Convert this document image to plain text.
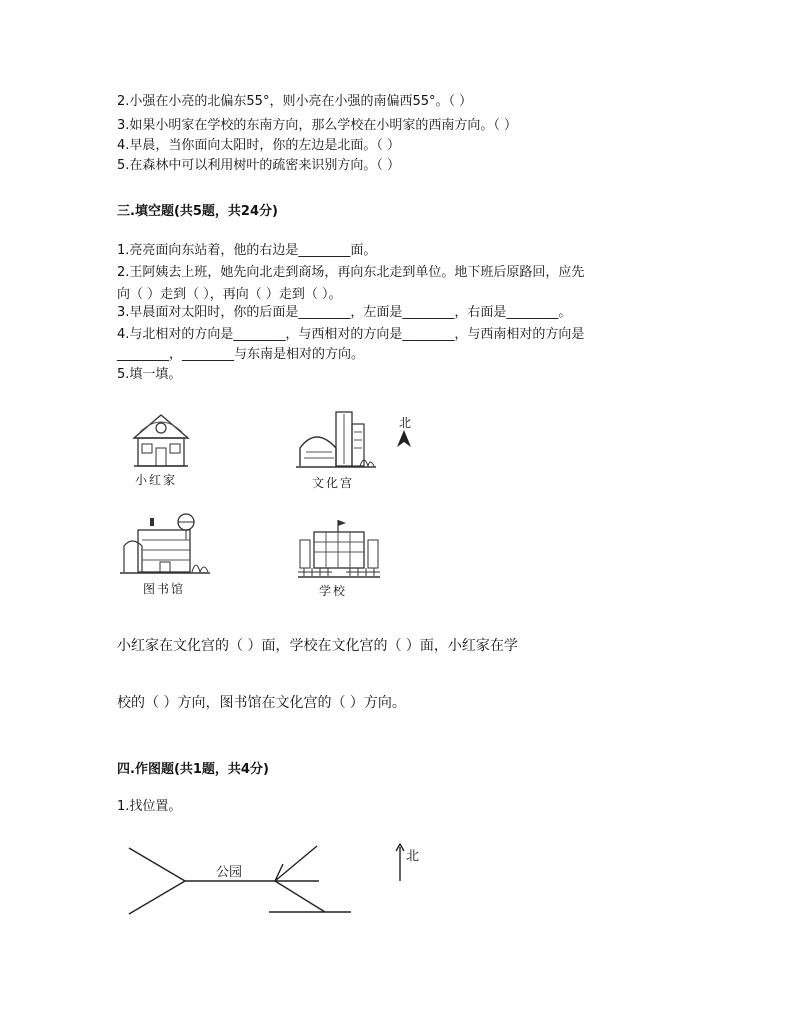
2.小强在小亮的北偏东55°，则小亮在小强的南偏西55°。（ ）
3.如果小明家在学校的东南方向，那么学校在小明家的西南方向。（ ）
4.早晨，当你面向太阳时，你的左边是北面。（ ）
5.在森林中可以利用树叶的疏密来识别方向。（ ）
三.填空题(共5题，共24分)
1.亮亮面向东站着，他的右边是________面。
2.王阿姨去上班，她先向北走到商场，再向东北走到单位。地下班后原路回，应先
向（ ）走到（ ），再向（ ）走到（ ）。
3.早晨面对太阳时，你的后面是________，左面是________，右面是________。
4.与北相对的方向是________，与西相对的方向是________，与西南相对的方向是
________，________与东南是相对的方向。
5.填一填。
小红家	文化宫
北
图书馆	学校
小红家在文化宫的（ ）面，学校在文化宫的（ ）面，小红家在学
校的（ ）方向，图书馆在文化宫的（ ）方向。
四.作图题(共1题，共4分)
1.找位置。
公园
北
